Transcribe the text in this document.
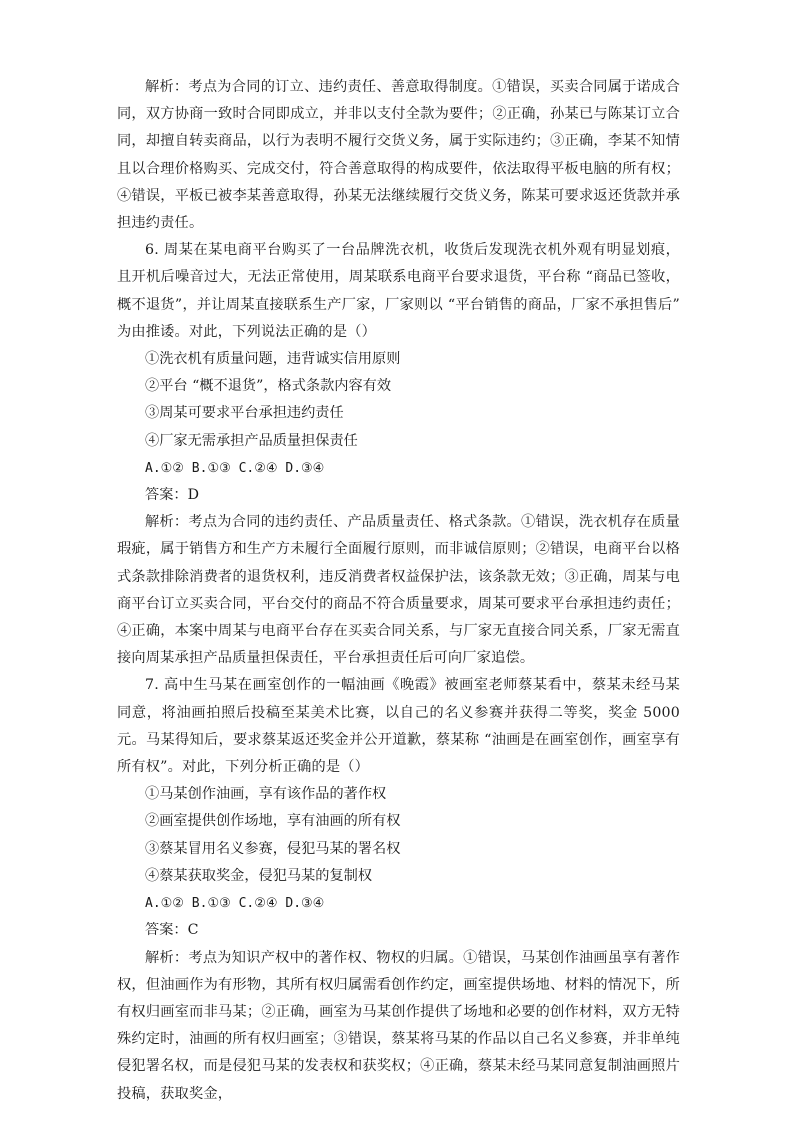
解析：考点为合同的订立、违约责任、善意取得制度。①错误，买卖合同属于诺成合同，双方协商一致时合同即成立，并非以支付全款为要件；②正确，孙某已与陈某订立合同，却擅自转卖商品，以行为表明不履行交货义务，属于实际违约；③正确，李某不知情且以合理价格购买、完成交付，符合善意取得的构成要件，依法取得平板电脑的所有权；④错误，平板已被李某善意取得，孙某无法继续履行交货义务，陈某可要求返还货款并承担违约责任。

6. 周某在某电商平台购买了一台品牌洗衣机，收货后发现洗衣机外观有明显划痕，且开机后噪音过大，无法正常使用，周某联系电商平台要求退货，平台称 “商品已签收，概不退货”，并让周某直接联系生产厂家，厂家则以 “平台销售的商品，厂家不承担售后” 为由推诿。对此，下列说法正确的是（）

①洗衣机有质量问题，违背诚实信用原则

②平台 “概不退货”，格式条款内容有效

③周某可要求平台承担违约责任

④厂家无需承担产品质量担保责任

A.①② B.①③ C.②④ D.③④

答案：D

解析：考点为合同的违约责任、产品质量责任、格式条款。①错误，洗衣机存在质量瑕疵，属于销售方和生产方未履行全面履行原则，而非诚信原则；②错误，电商平台以格式条款排除消费者的退货权利，违反消费者权益保护法，该条款无效；③正确，周某与电商平台订立买卖合同，平台交付的商品不符合质量要求，周某可要求平台承担违约责任；④正确，本案中周某与电商平台存在买卖合同关系，与厂家无直接合同关系，厂家无需直接向周某承担产品质量担保责任，平台承担责任后可向厂家追偿。

7. 高中生马某在画室创作的一幅油画《晚霞》被画室老师蔡某看中，蔡某未经马某同意，将油画拍照后投稿至某美术比赛，以自己的名义参赛并获得二等奖，奖金 5000 元。马某得知后，要求蔡某返还奖金并公开道歉，蔡某称 “油画是在画室创作，画室享有所有权”。对此，下列分析正确的是（）

①马某创作油画，享有该作品的著作权

②画室提供创作场地，享有油画的所有权

③蔡某冒用名义参赛，侵犯马某的署名权

④蔡某获取奖金，侵犯马某的复制权

A.①② B.①③ C.②④ D.③④

答案：C

解析：考点为知识产权中的著作权、物权的归属。①错误，马某创作油画虽享有著作权，但油画作为有形物，其所有权归属需看创作约定，画室提供场地、材料的情况下，所有权归画室而非马某；②正确，画室为马某创作提供了场地和必要的创作材料，双方无特殊约定时，油画的所有权归画室；③错误，蔡某将马某的作品以自己名义参赛，并非单纯侵犯署名权，而是侵犯马某的发表权和获奖权；④正确，蔡某未经马某同意复制油画照片投稿，获取奖金，
